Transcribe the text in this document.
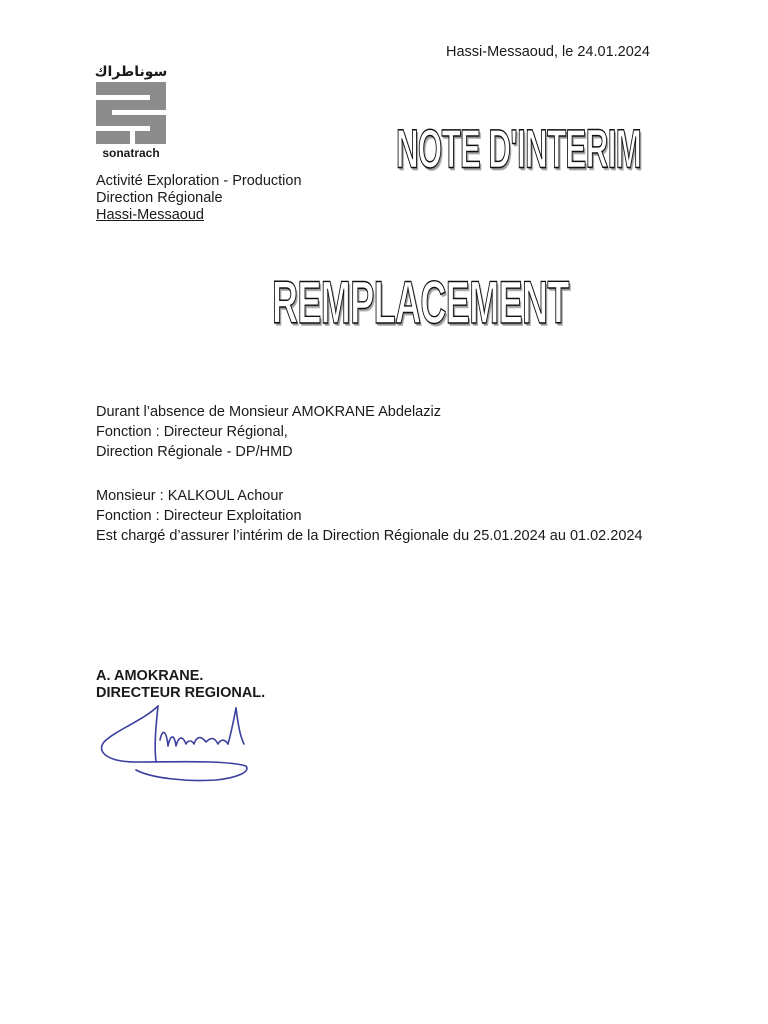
Hassi-Messaoud, le 24.01.2024
سوناطراك
sonatrach
Activité Exploration - Production
Direction Régionale
Hassi-Messaoud
NOTE D'INTERIM
REMPLACEMENT
Durant l’absence de Monsieur AMOKRANE Abdelaziz
Fonction : Directeur Régional,
Direction Régionale - DP/HMD
Monsieur : KALKOUL Achour
Fonction : Directeur Exploitation
Est chargé d’assurer l’intérim de la Direction Régionale du 25.01.2024 au 01.02.2024
A. AMOKRANE.
DIRECTEUR REGIONAL.
